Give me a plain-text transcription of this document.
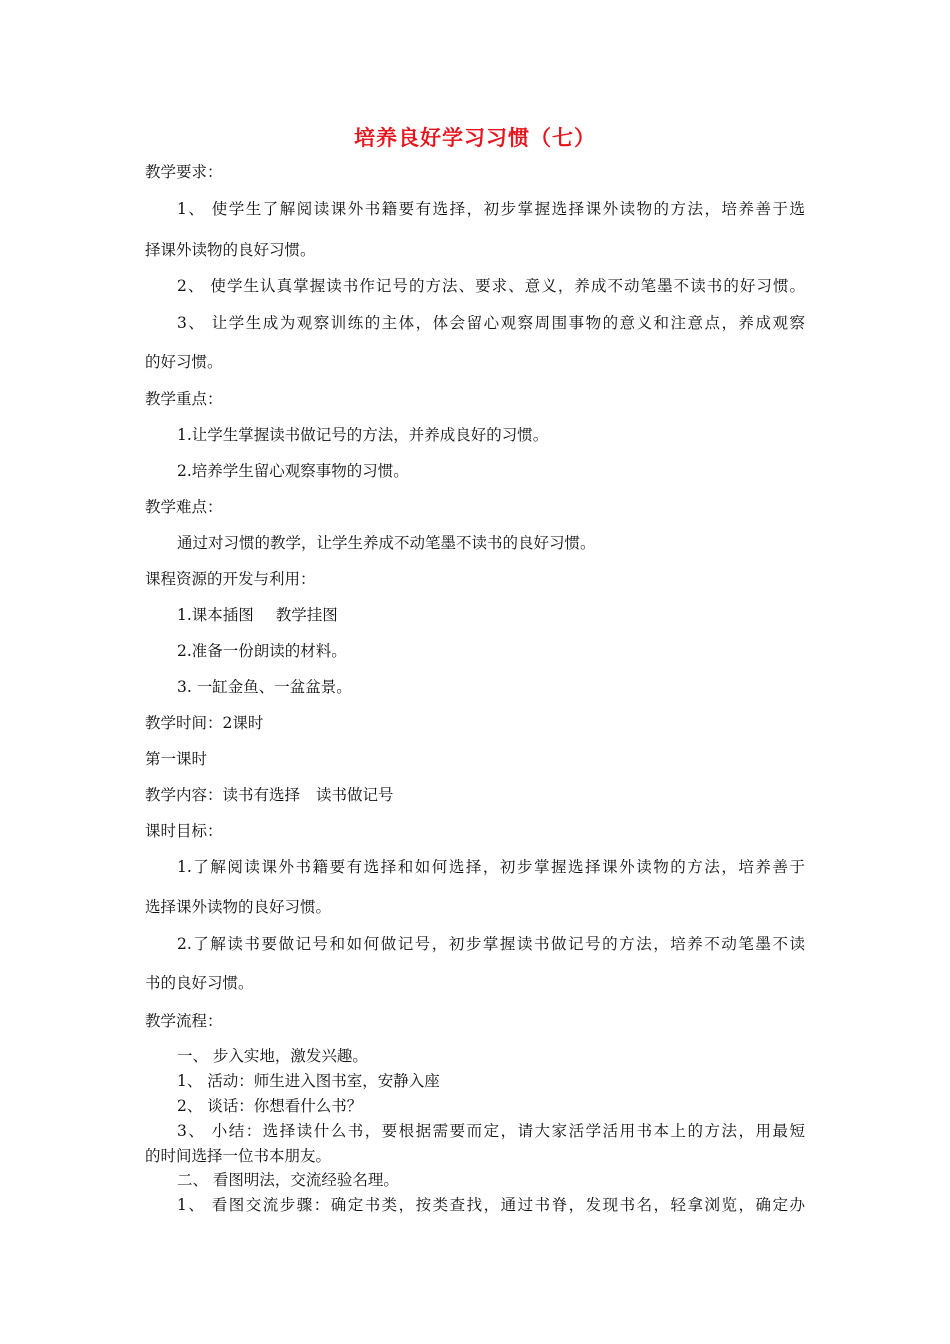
培养良好学习习惯（七）
教学要求：
1、 使学生了解阅读课外书籍要有选择，初步掌握选择课外读物的方法，培养善于选
择课外读物的良好习惯。
2、 使学生认真掌握读书作记号的方法、要求、意义，养成不动笔墨不读书的好习惯。
3、 让学生成为观察训练的主体，体会留心观察周围事物的意义和注意点，养成观察
的好习惯。
教学重点：
1.让学生掌握读书做记号的方法，并养成良好的习惯。
2.培养学生留心观察事物的习惯。
教学难点：
通过对习惯的教学，让学生养成不动笔墨不读书的良好习惯。
课程资源的开发与利用：
1.课本插图 教学挂图
2.准备一份朗读的材料。
3. 一缸金鱼、一盆盆景。
教学时间：2课时
第一课时
教学内容：读书有选择 读书做记号
课时目标：
1.了解阅读课外书籍要有选择和如何选择，初步掌握选择课外读物的方法，培养善于
选择课外读物的良好习惯。
2.了解读书要做记号和如何做记号，初步掌握读书做记号的方法，培养不动笔墨不读
书的良好习惯。
教学流程：
一、 步入实地，激发兴趣。
1、 活动：师生进入图书室，安静入座
2、 谈话：你想看什么书？
3、 小结：选择读什么书，要根据需要而定，请大家活学活用书本上的方法，用最短
的时间选择一位书本朋友。
二、 看图明法，交流经验名理。
1、 看图交流步骤：确定书类，按类查找，通过书脊，发现书名，轻拿浏览，确定办
